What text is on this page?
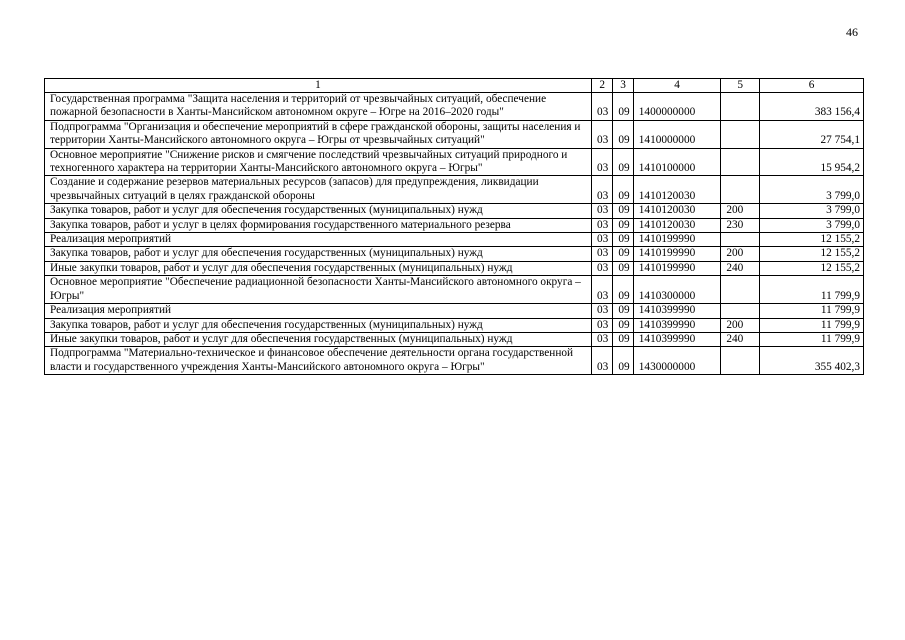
46
1	2	3	4	5	6
Государственная программа "Защита населения и территорий от чрезвычайных ситуаций, обеспечение пожарной безопасности в Ханты-Мансийском автономном округе – Югре на 2016–2020 годы"	03	09	1400000000		383 156,4
Подпрограмма "Организация и обеспечение мероприятий в сфере гражданской обороны, защиты населения и территории Ханты-Мансийского автономного округа – Югры от чрезвычайных ситуаций"	03	09	1410000000		27 754,1
Основное мероприятие "Снижение рисков и смягчение последствий чрезвычайных ситуаций природного и техногенного характера на территории Ханты-Мансийского автономного округа – Югры"	03	09	1410100000		15 954,2
Создание и содержание резервов материальных ресурсов (запасов) для предупреждения, ликвидации чрезвычайных ситуаций в целях гражданской обороны	03	09	1410120030		3 799,0
Закупка товаров, работ и услуг для обеспечения государственных (муниципальных) нужд	03	09	1410120030	200	3 799,0
Закупка товаров, работ и услуг в целях формирования государственного материального резерва	03	09	1410120030	230	3 799,0
Реализация мероприятий	03	09	1410199990		12 155,2
Закупка товаров, работ и услуг для обеспечения государственных (муниципальных) нужд	03	09	1410199990	200	12 155,2
Иные закупки товаров, работ и услуг для обеспечения государственных (муниципальных) нужд	03	09	1410199990	240	12 155,2
Основное мероприятие "Обеспечение радиационной безопасности Ханты-Мансийского автономного округа – Югры"	03	09	1410300000		11 799,9
Реализация мероприятий	03	09	1410399990		11 799,9
Закупка товаров, работ и услуг для обеспечения государственных (муниципальных) нужд	03	09	1410399990	200	11 799,9
Иные закупки товаров, работ и услуг для обеспечения государственных (муниципальных) нужд	03	09	1410399990	240	11 799,9
Подпрограмма "Материально-техническое и финансовое обеспечение деятельности органа государственной власти и государственного учреждения Ханты-Мансийского автономного округа – Югры"	03	09	1430000000		355 402,3
